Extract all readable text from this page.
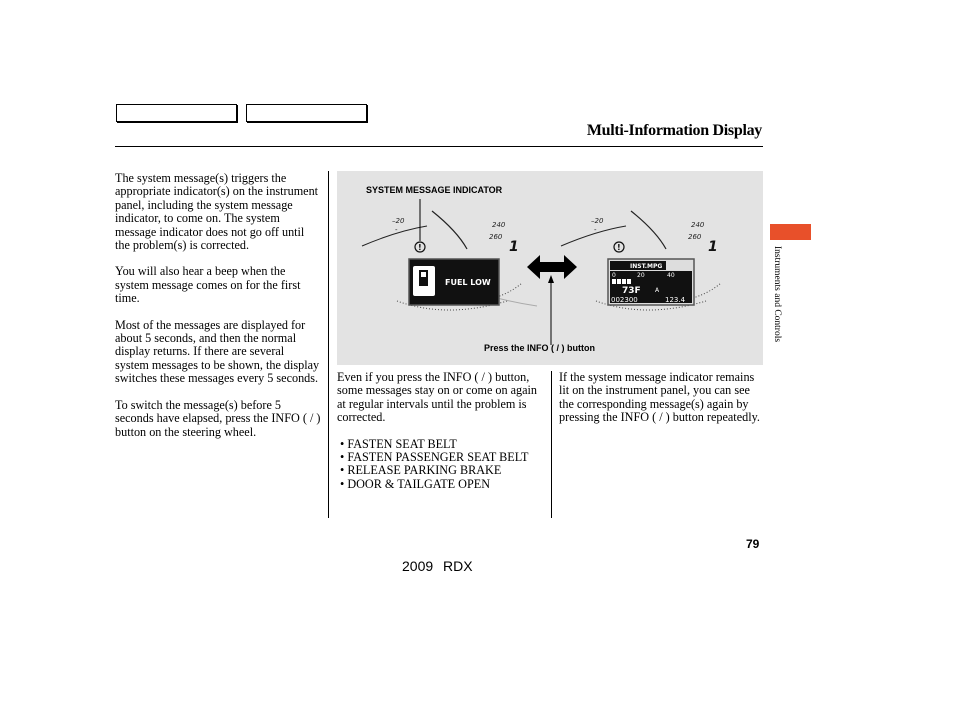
Multi-Information Display

The system message(s) triggers the appropriate indicator(s) on the instrument panel, including the system message indicator, to come on. The system message indicator does not go off until the problem(s) is corrected.

You will also hear a beep when the system message comes on for the first time.

Most of the messages are displayed for about 5 seconds, and then the normal display returns. If there are several system messages to be shown, the display switches these messages every 5 seconds.

To switch the message(s) before 5 seconds have elapsed, press the INFO ( / ) button on the steering wheel.

–20
-
240
260
1
!
FUEL LOW
–20
-
240
260
1
!
INST.MPG
0	20	40
73F A
002300	123.4
SYSTEM MESSAGE INDICATOR
Press the INFO ( / ) button

Even if you press the INFO ( / ) button, some messages stay on or come on again at regular intervals until the problem is corrected.

• FASTEN SEAT BELT
• FASTEN PASSENGER SEAT BELT
• RELEASE PARKING BRAKE
• DOOR & TAILGATE OPEN

If the system message indicator remains lit on the instrument panel, you can see the corresponding message(s) again by pressing the INFO ( / ) button repeatedly.

Instruments and Controls
79
2009 RDX
